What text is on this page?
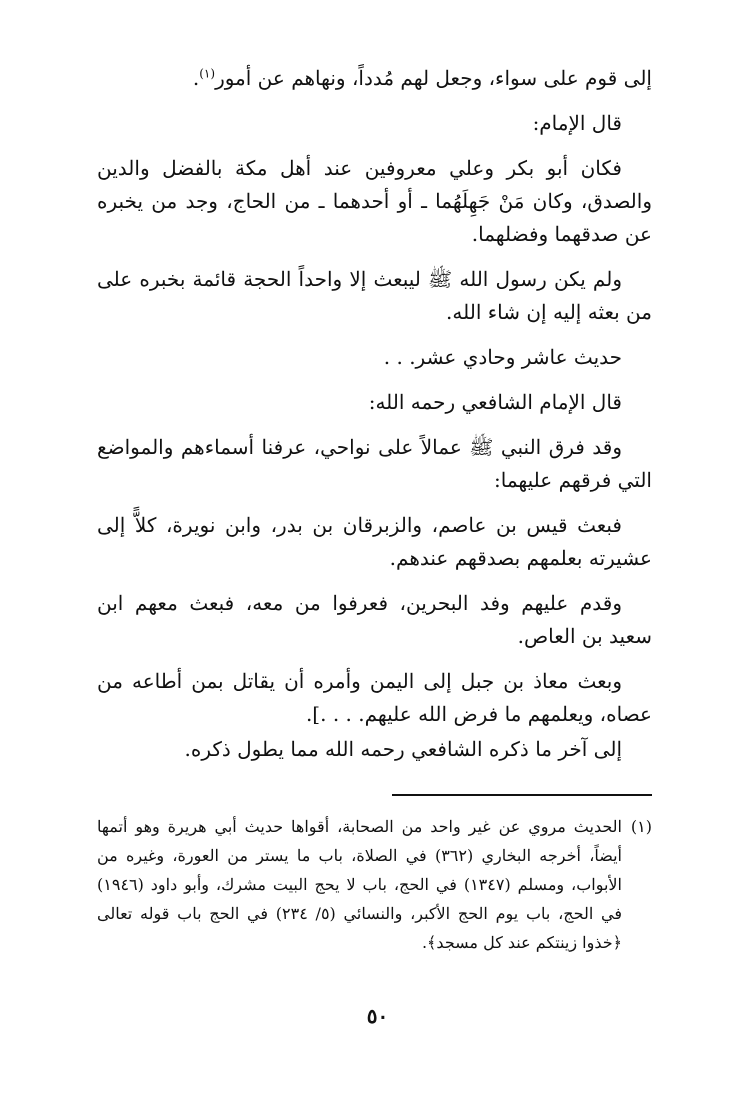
إلى قوم على سواء، وجعل لهم مُدداً، ونهاهم عن أمور$^{(١)}$.

قال الإمام:

فكان أبو بكر وعلي معروفين عند أهل مكة بالفضل والدين والصدق، وكان مَنْ جَهِلَهُما ـ أو أحدهما ـ من الحاج، وجد من يخبره عن صدقهما وفضلهما.

ولم يكن رسول الله ﷺ ليبعث إلا واحداً الحجة قائمة بخبره على من بعثه إليه إن شاء الله.

حديث عاشر وحادي عشر. . .

قال الإمام الشافعي رحمه الله:

وقد فرق النبي ﷺ عمالاً على نواحي، عرفنا أسماءهم والمواضع التي فرقهم عليهما:

فبعث قيس بن عاصم، والزبرقان بن بدر، وابن نويرة، كلاًّ إلى عشيرته بعلمهم بصدقهم عندهم.

وقدم عليهم وفد البحرين، فعرفوا من معه، فبعث معهم ابن سعيد بن العاص.

وبعث معاذ بن جبل إلى اليمن وأمره أن يقاتل بمن أطاعه من عصاه، ويعلمهم ما فرض الله عليهم. . . .].

إلى آخر ما ذكره الشافعي رحمه الله مما يطول ذكره.

(١)الحديث مروي عن غير واحد من الصحابة، أقواها حديث أبي هريرة وهو أتمها أيضاً، أخرجه البخاري (٣٦٢) في الصلاة، باب ما يستر من العورة، وغيره من الأبواب، ومسلم (١٣٤٧) في الحج، باب لا يحج البيت مشرك، وأبو داود (١٩٤٦) في الحج، باب يوم الحج الأكبر، والنسائي (٥/ ٢٣٤) في الحج باب قوله تعالى ﴿خذوا زينتكم عند كل مسجد﴾.

٥٠
